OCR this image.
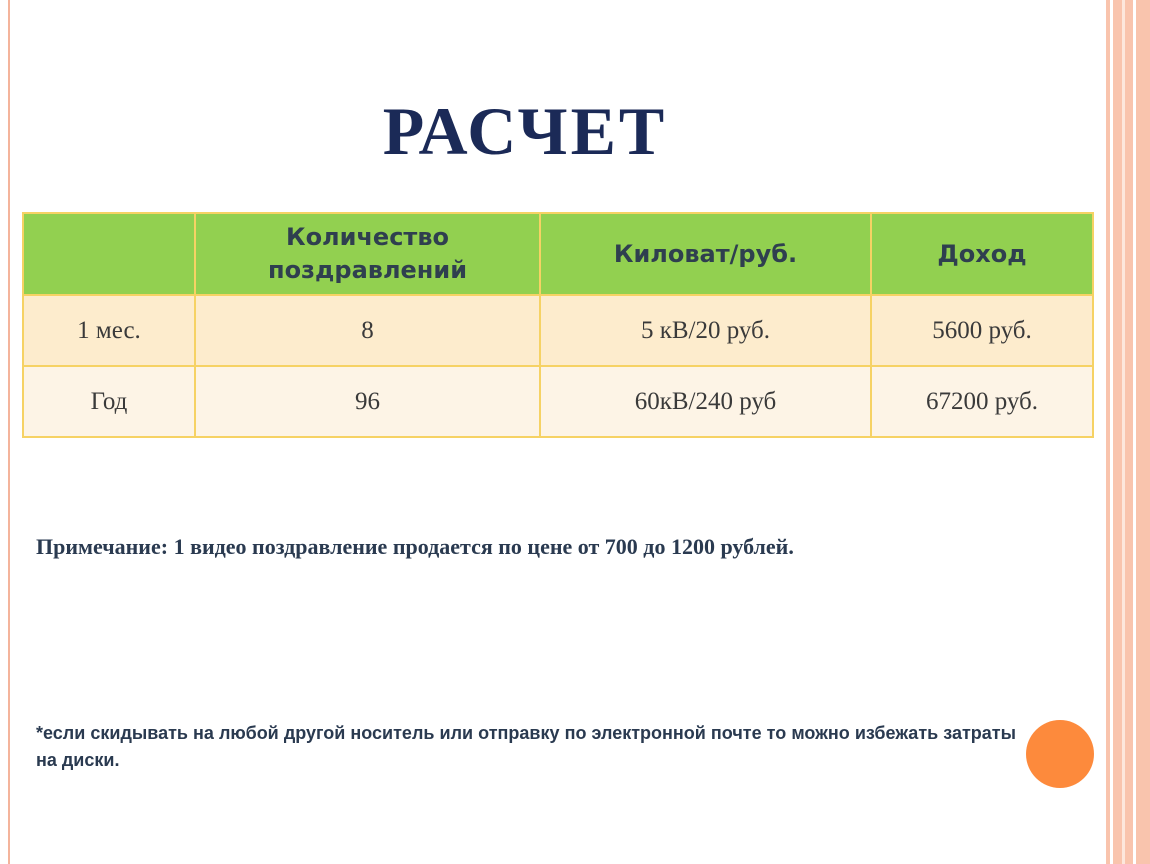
РАСЧЕТ
	Количество поздравлений	Киловат/руб.	Доход
1 мес.	8	5 кВ/20 руб.	5600 руб.
Год	96	60кВ/240 руб	67200 руб.
Примечание: 1 видео поздравление продается по цене от 700 до 1200 рублей.
*если скидывать на любой другой носитель или отправку по электронной почте то можно избежать затраты на диски.
